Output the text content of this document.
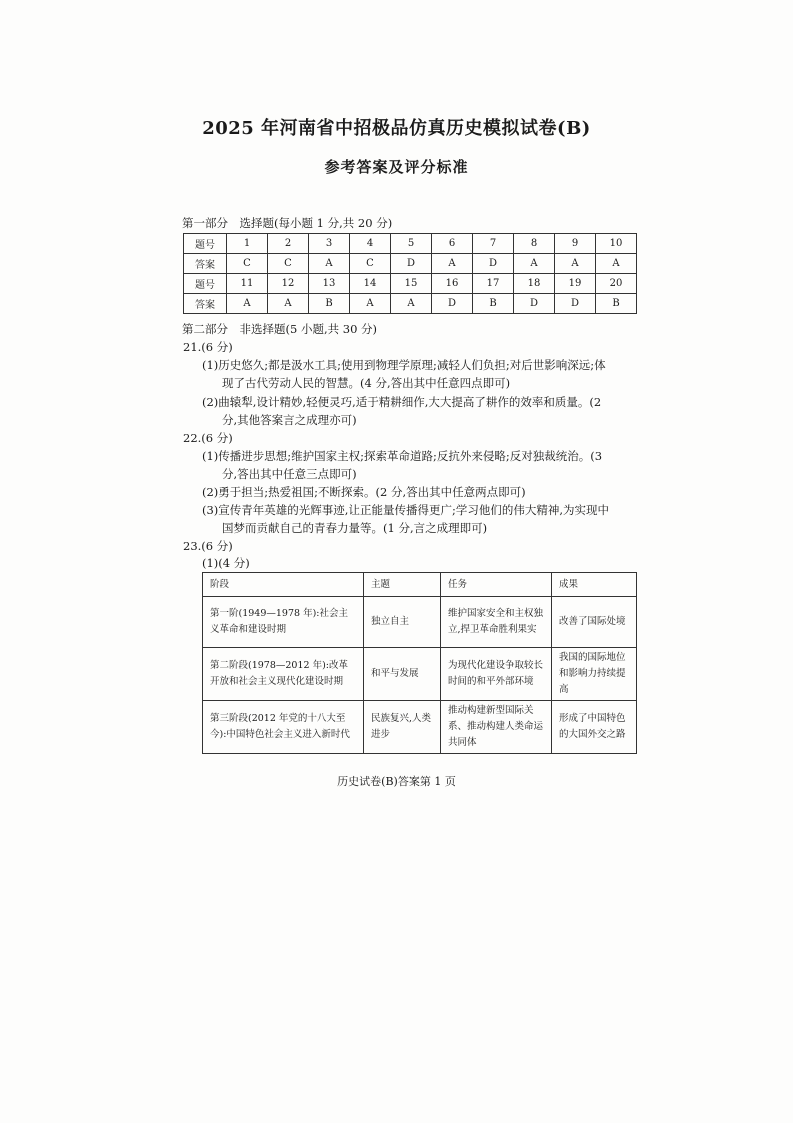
2025 年河南省中招极品仿真历史模拟试卷(B)
参考答案及评分标准
第一部分　选择题(每小题 1 分,共 20 分)
题号	1	2	3	4	5	6	7	8	9	10
答案	C	C	A	C	D	A	D	A	A	A
题号	11	12	13	14	15	16	17	18	19	20
答案	A	A	B	A	A	D	B	D	D	B
第二部分　非选择题(5 小题,共 30 分)
21.(6 分)
(1)历史悠久;都是汲水工具;使用到物理学原理;减轻人们负担;对后世影响深远;体
现了古代劳动人民的智慧。(4 分,答出其中任意四点即可)
(2)曲辕犁,设计精妙,轻便灵巧,适于精耕细作,大大提高了耕作的效率和质量。(2
分,其他答案言之成理亦可)
22.(6 分)
(1)传播进步思想;维护国家主权;探索革命道路;反抗外来侵略;反对独裁统治。(3
分,答出其中任意三点即可)
(2)勇于担当;热爱祖国;不断探索。(2 分,答出其中任意两点即可)
(3)宣传青年英雄的光辉事迹,让正能量传播得更广;学习他们的伟大精神,为实现中
国梦而贡献自己的青春力量等。(1 分,言之成理即可)
23.(6 分)
(1)(4 分)
阶段	主题	任务	成果
第一阶(1949—1978 年):社会主义革命和建设时期	独立自主	维护国家安全和主权独立,捍卫革命胜利果实	改善了国际处境
第二阶段(1978—2012 年):改革开放和社会主义现代化建设时期	和平与发展	为现代化建设争取较长时间的和平外部环境	我国的国际地位和影响力持续提高
第三阶段(2012 年党的十八大至今):中国特色社会主义进入新时代	民族复兴,人类进步	推动构建新型国际关系、推动构建人类命运共同体	形成了中国特色的大国外交之路
历史试卷(B)答案第 1 页
